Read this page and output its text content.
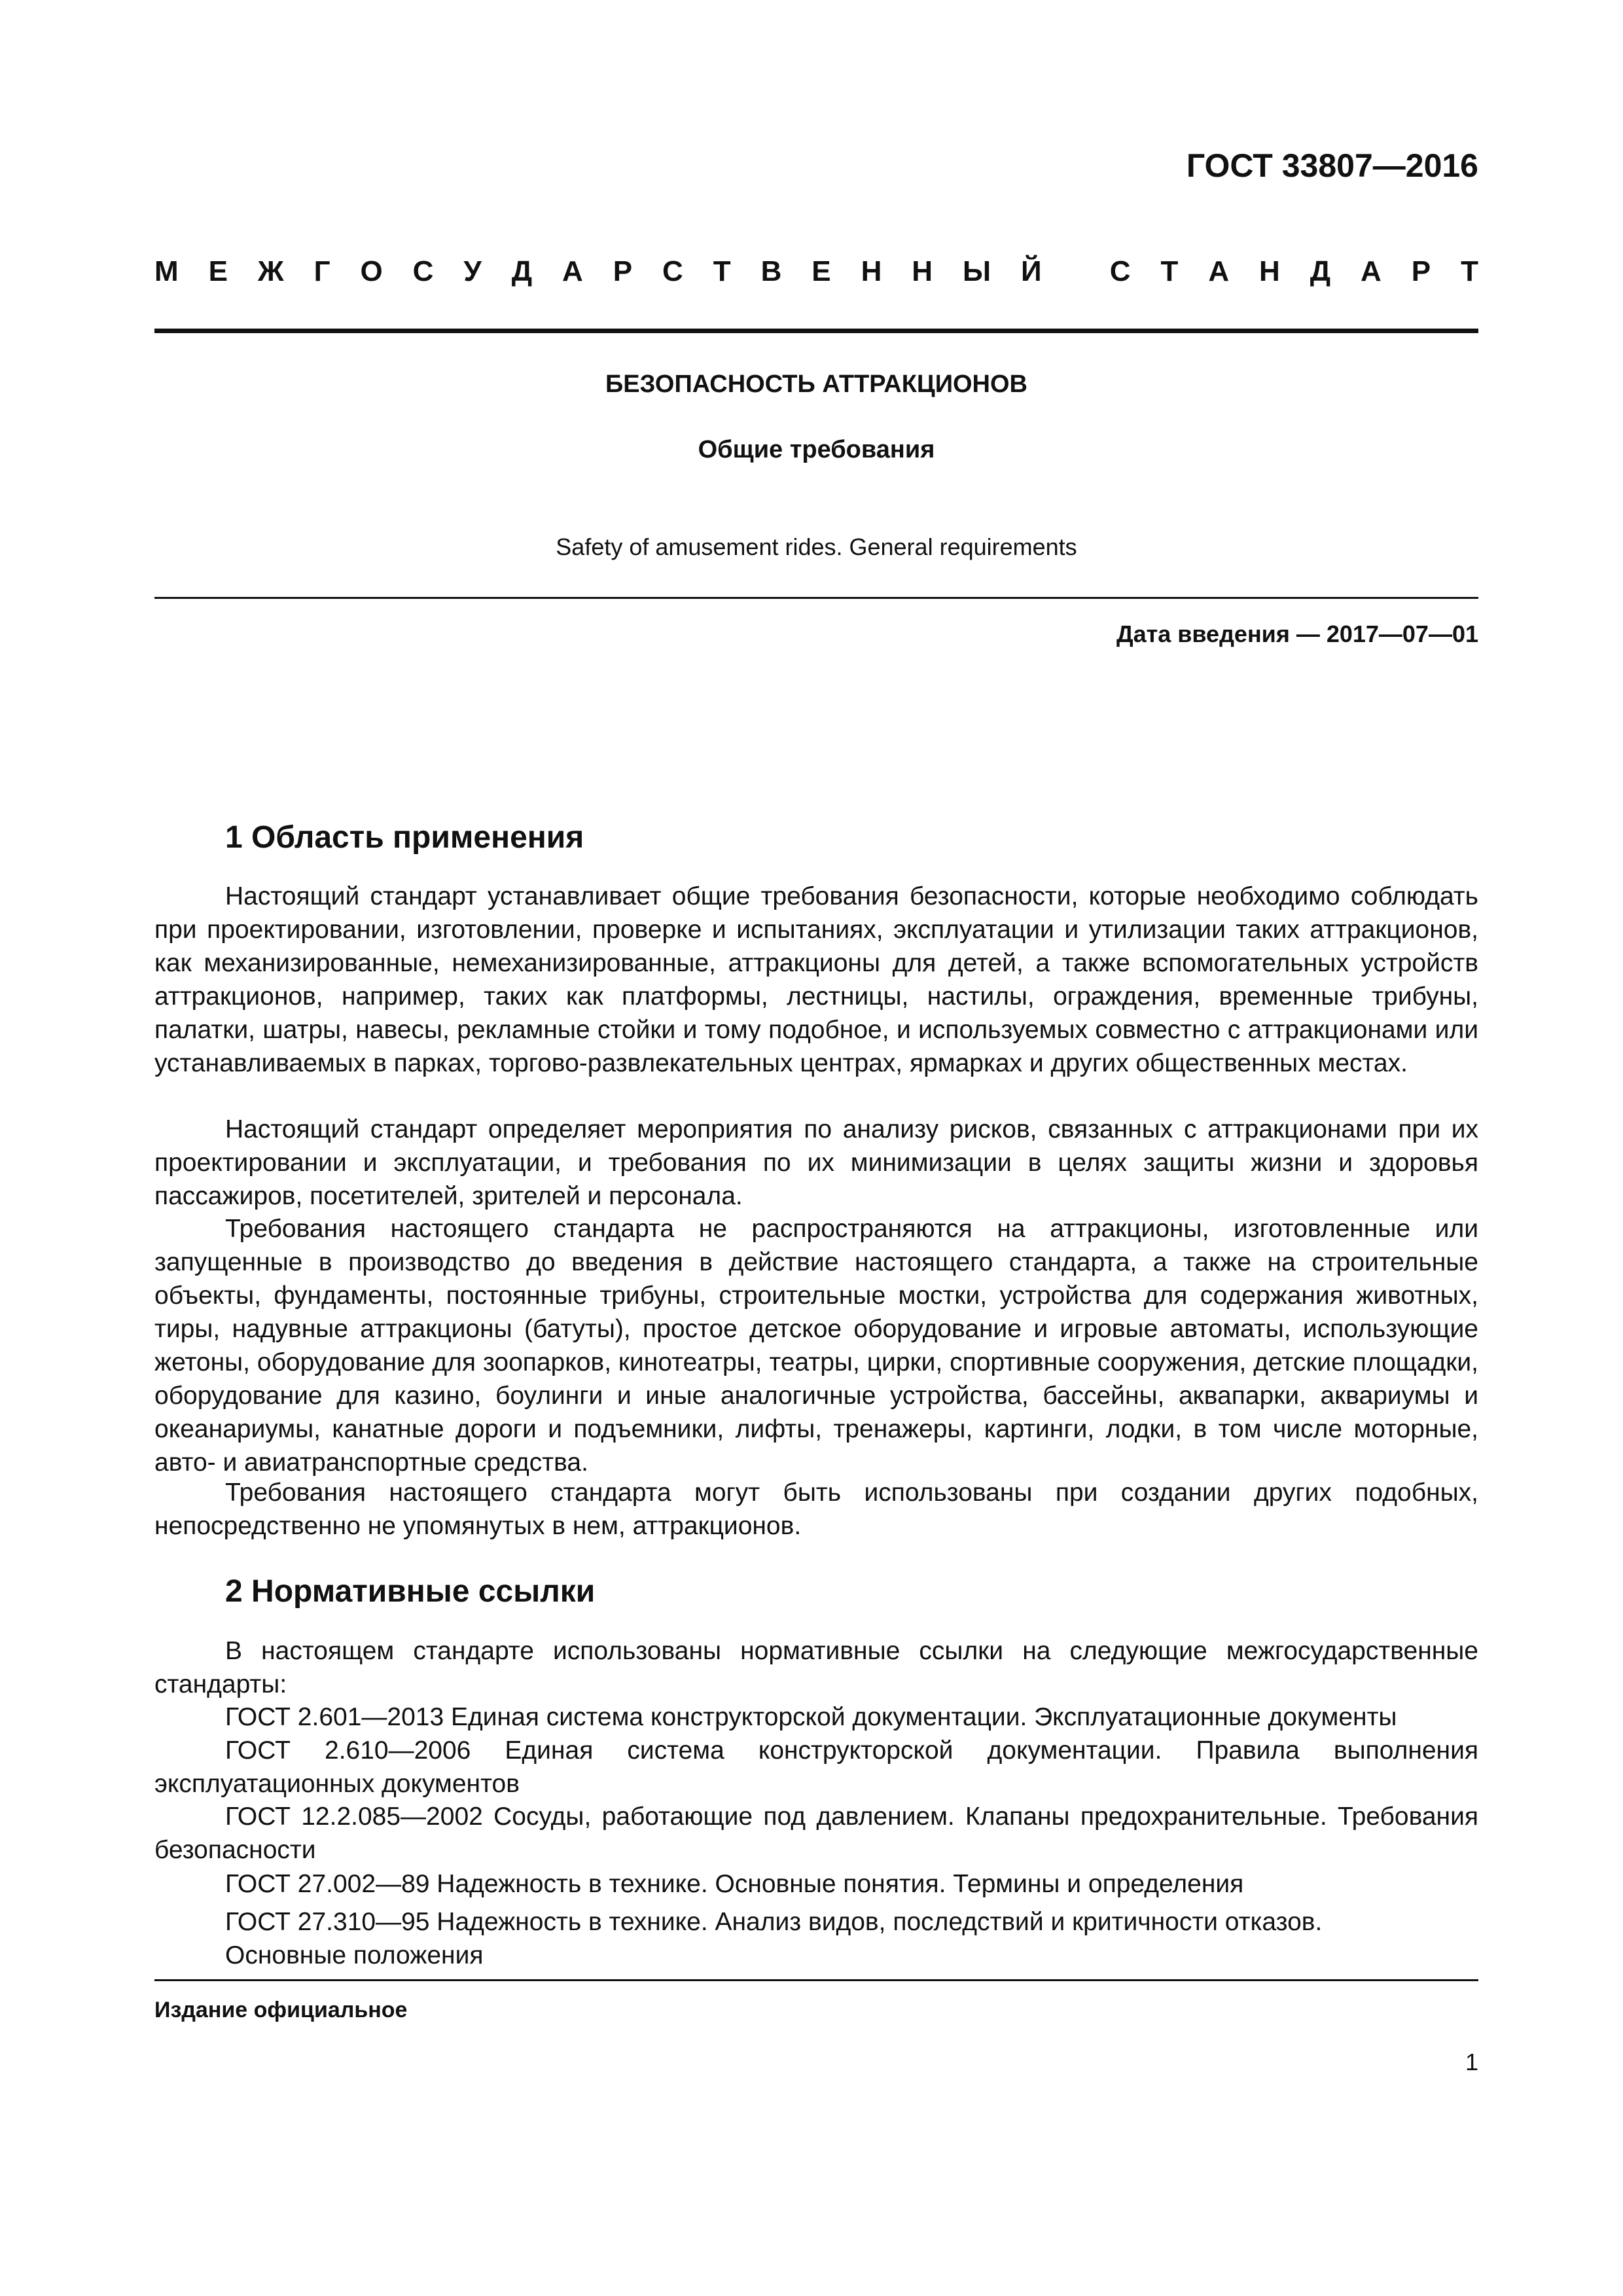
ГОСТ 33807—2016
М Е Ж Г О С У Д А Р С Т В Е Н Н Ы Й
С Т А Н Д А Р Т
БЕЗОПАСНОСТЬ АТТРАКЦИОНОВ
Общие требования
Safety of amusement rides. General requirements
Дата введения — 2017—07—01
1 Область применения

Настоящий стандарт устанавливает общие требования безопасности, которые необходимо соблюдать при проектировании, изготовлении, проверке и испытаниях, эксплуатации и утилизации таких аттракционов, как механизированные, немеханизированные, аттракционы для детей, а также вспомогательных устройств аттракционов, например, таких как платформы, лестницы, настилы, ограждения, временные трибуны, палатки, шатры, навесы, рекламные стойки и тому подобное, и используемых совместно с аттракционами или устанавливаемых в парках, торгово-развлекательных центрах, ярмарках и других общественных местах.

Настоящий стандарт определяет мероприятия по анализу рисков, связанных с аттракционами при их проектировании и эксплуатации, и требования по их минимизации в целях защиты жизни и здоровья пассажиров, посетителей, зрителей и персонала.

Требования настоящего стандарта не распространяются на аттракционы, изготовленные или запущенные в производство до введения в действие настоящего стандарта, а также на строительные объекты, фундаменты, постоянные трибуны, строительные мостки, устройства для содержания животных, тиры, надувные аттракционы (батуты), простое детское оборудование и игровые автоматы, использующие жетоны, оборудование для зоопарков, кинотеатры, театры, цирки, спортивные сооружения, детские площадки, оборудование для казино, боулинги и иные аналогичные устройства, бассейны, аквапарки, аквариумы и океанариумы, канатные дороги и подъемники, лифты, тренажеры, картинги, лодки, в том числе моторные, авто- и авиатранспортные средства.

Требования настоящего стандарта могут быть использованы при создании других подобных, непосредственно не упомянутых в нем, аттракционов.

2 Нормативные ссылки

В настоящем стандарте использованы нормативные ссылки на следующие межгосударственные стандарты:

ГОСТ 2.601—2013 Единая система конструкторской документации. Эксплуатационные документы

ГОСТ 2.610—2006 Единая система конструкторской документации. Правила выполнения эксплуатационных документов

ГОСТ 12.2.085—2002 Сосуды, работающие под давлением. Клапаны предохранительные. Требования безопасности

ГОСТ 27.002—89 Надежность в технике. Основные понятия. Термины и определения

ГОСТ 27.310—95 Надежность в технике. Анализ видов, последствий и критичности отказов.

Основные положения

Издание официальное
1
